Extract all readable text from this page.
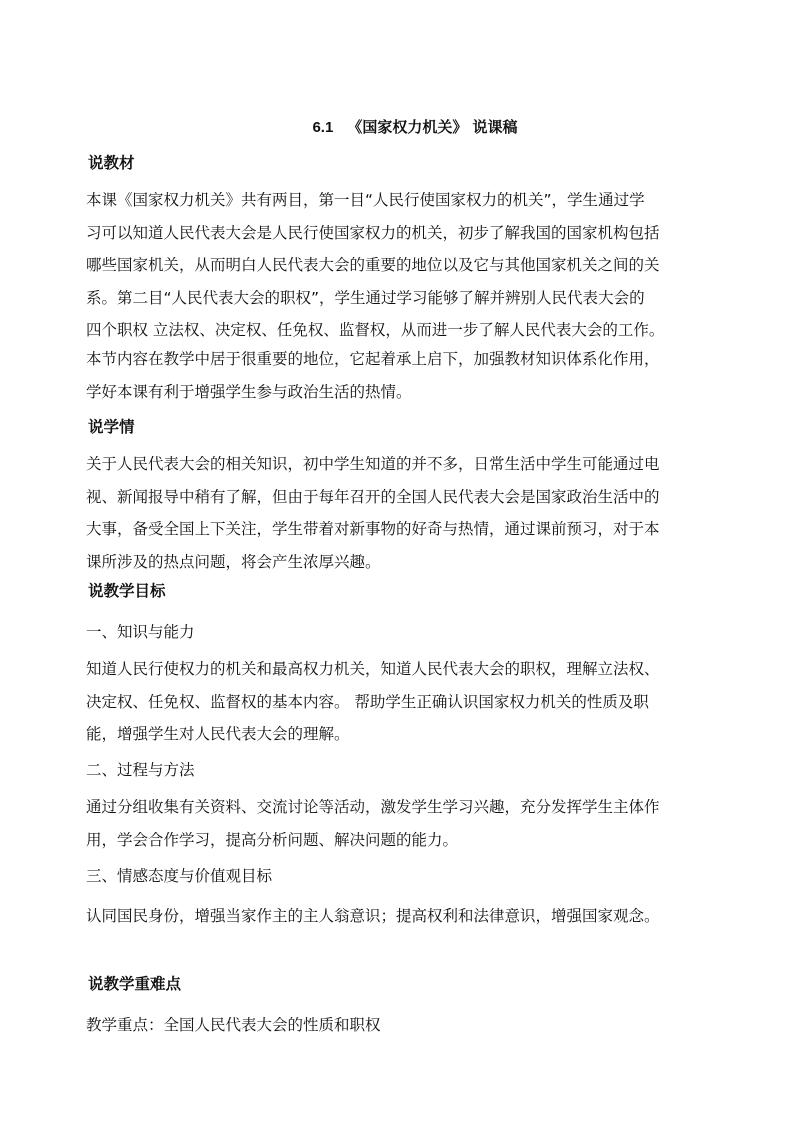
6.1 《国家权力机关》 说课稿
说教材
本课《国家权力机关》共有两目，第一目“人民行使国家权力的机关”，学生通过学
习可以知道人民代表大会是人民行使国家权力的机关，初步了解我国的国家机构包括
哪些国家机关，从而明白人民代表大会的重要的地位以及它与其他国家机关之间的关
系。第二目“人民代表大会的职权”，学生通过学习能够了解并辨别人民代表大会的
四个职权 立法权、决定权、任免权、监督权，从而进一步了解人民代表大会的工作。
本节内容在教学中居于很重要的地位，它起着承上启下，加强教材知识体系化作用，
学好本课有利于增强学生参与政治生活的热情。
说学情
关于人民代表大会的相关知识，初中学生知道的并不多，日常生活中学生可能通过电
视、新闻报导中稍有了解，但由于每年召开的全国人民代表大会是国家政治生活中的
大事，备受全国上下关注，学生带着对新事物的好奇与热情，通过课前预习，对于本
课所涉及的热点问题，将会产生浓厚兴趣。
说教学目标
一、知识与能力
知道人民行使权力的机关和最高权力机关，知道人民代表大会的职权，理解立法权、
决定权、任免权、监督权的基本内容。 帮助学生正确认识国家权力机关的性质及职
能，增强学生对人民代表大会的理解。
二、过程与方法
通过分组收集有关资料、交流讨论等活动，激发学生学习兴趣，充分发挥学生主体作
用，学会合作学习，提高分析问题、解决问题的能力。
三、情感态度与价值观目标
认同国民身份，增强当家作主的主人翁意识；提高权利和法律意识，增强国家观念。
说教学重难点
教学重点：全国人民代表大会的性质和职权
